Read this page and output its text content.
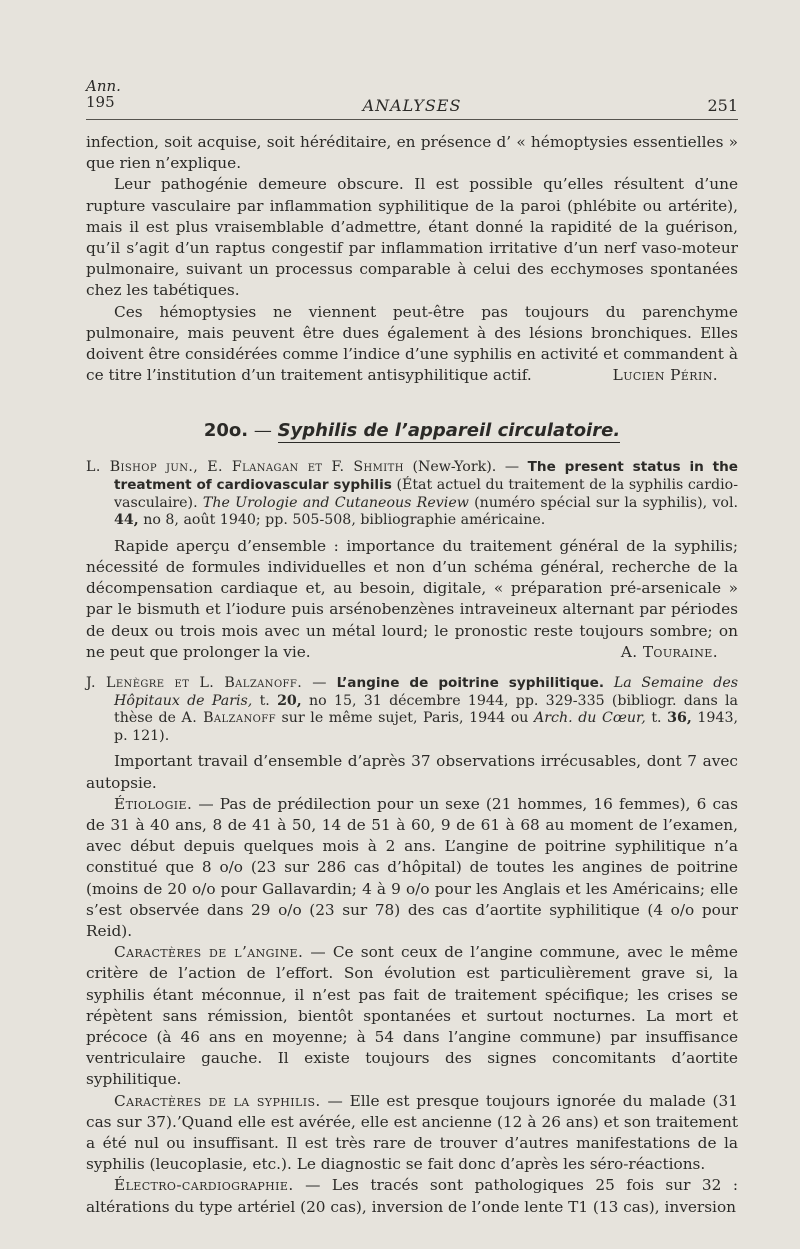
Ann.
195	ANALYSES	251

infection, soit acquise, soit héréditaire, en présence d’ « hémoptysies essentielles » que rien n’explique.

Leur pathogénie demeure obscure. Il est possible qu’elles résultent d’une rupture vasculaire par inflammation syphilitique de la paroi (phlébite ou artérite), mais il est plus vraisemblable d’admettre, étant donné la rapidité de la guérison, qu’il s’agit d’un raptus congestif par inflammation irritative d’un nerf vaso-moteur pulmonaire, suivant un processus comparable à celui des ecchymoses spontanées chez les tabétiques.

Ces hémoptysies ne viennent peut-être pas toujours du parenchyme pulmonaire, mais peuvent être dues également à des lésions bronchiques. Elles doivent être considérées comme l’indice d’une syphilis en activité et commandent à ce titre l’institution d’un traitement antisyphilitique actif.	Lucien Périn.

20o. — Syphilis de l’appareil circulatoire.

L. Bishop jun., E. Flanagan et F. Shmith (New-York). — The present status in the treatment of cardiovascular syphilis (État actuel du traitement de la syphilis cardio-vasculaire). The Urologie and Cutaneous Review (numéro spécial sur la syphilis), vol. 44, no 8, août 1940; pp. 505-508, bibliographie américaine.

Rapide aperçu d’ensemble : importance du traitement général de la syphilis; nécessité de formules individuelles et non d’un schéma général, recherche de la décompensation cardiaque et, au besoin, digitale, « préparation pré-arsenicale » par le bismuth et l’iodure puis arsénobenzènes intraveineux alternant par périodes de deux ou trois mois avec un métal lourd; le pronostic reste toujours sombre; on ne peut que prolonger la vie.	A. Touraine.

J. Lenègre et L. Balzanoff. — L’angine de poitrine syphilitique. La Semaine des Hôpitaux de Paris, t. 20, no 15, 31 décembre 1944, pp. 329-335 (bibliogr. dans la thèse de A. Balzanoff sur le même sujet, Paris, 1944 ou Arch. du Cœur, t. 36, 1943, p. 121).

Important travail d’ensemble d’après 37 observations irrécusables, dont 7 avec autopsie.

Étiologie. — Pas de prédilection pour un sexe (21 hommes, 16 femmes), 6 cas de 31 à 40 ans, 8 de 41 à 50, 14 de 51 à 60, 9 de 61 à 68 au moment de l’examen, avec début depuis quelques mois à 2 ans. L’angine de poitrine syphilitique n’a constitué que 8 o/o (23 sur 286 cas d’hôpital) de toutes les angines de poitrine (moins de 20 o/o pour Gallavardin; 4 à 9 o/o pour les Anglais et les Américains; elle s’est observée dans 29 o/o (23 sur 78) des cas d’aortite syphilitique (4 o/o pour Reid).

Caractères de l’angine. — Ce sont ceux de l’angine commune, avec le même critère de l’action de l’effort. Son évolution est particulièrement grave si, la syphilis étant méconnue, il n’est pas fait de traitement spécifique; les crises se répètent sans rémission, bientôt spontanées et surtout nocturnes. La mort et précoce (à 46 ans en moyenne; à 54 dans l’angine commune) par insuffisance ventriculaire gauche. Il existe toujours des signes concomitants d’aortite syphilitique.

Caractères de la syphilis. — Elle est presque toujours ignorée du malade (31 cas sur 37).’Quand elle est avérée, elle est ancienne (12 à 26 ans) et son traitement a été nul ou insuffisant. Il est très rare de trouver d’autres manifestations de la syphilis (leucoplasie, etc.). Le diagnostic se fait donc d’après les séro-réactions.

Électro-cardiographie. — Les tracés sont pathologiques 25 fois sur 32 : altérations du type artériel (20 cas), inversion de l’onde lente T1 (13 cas), inversion
